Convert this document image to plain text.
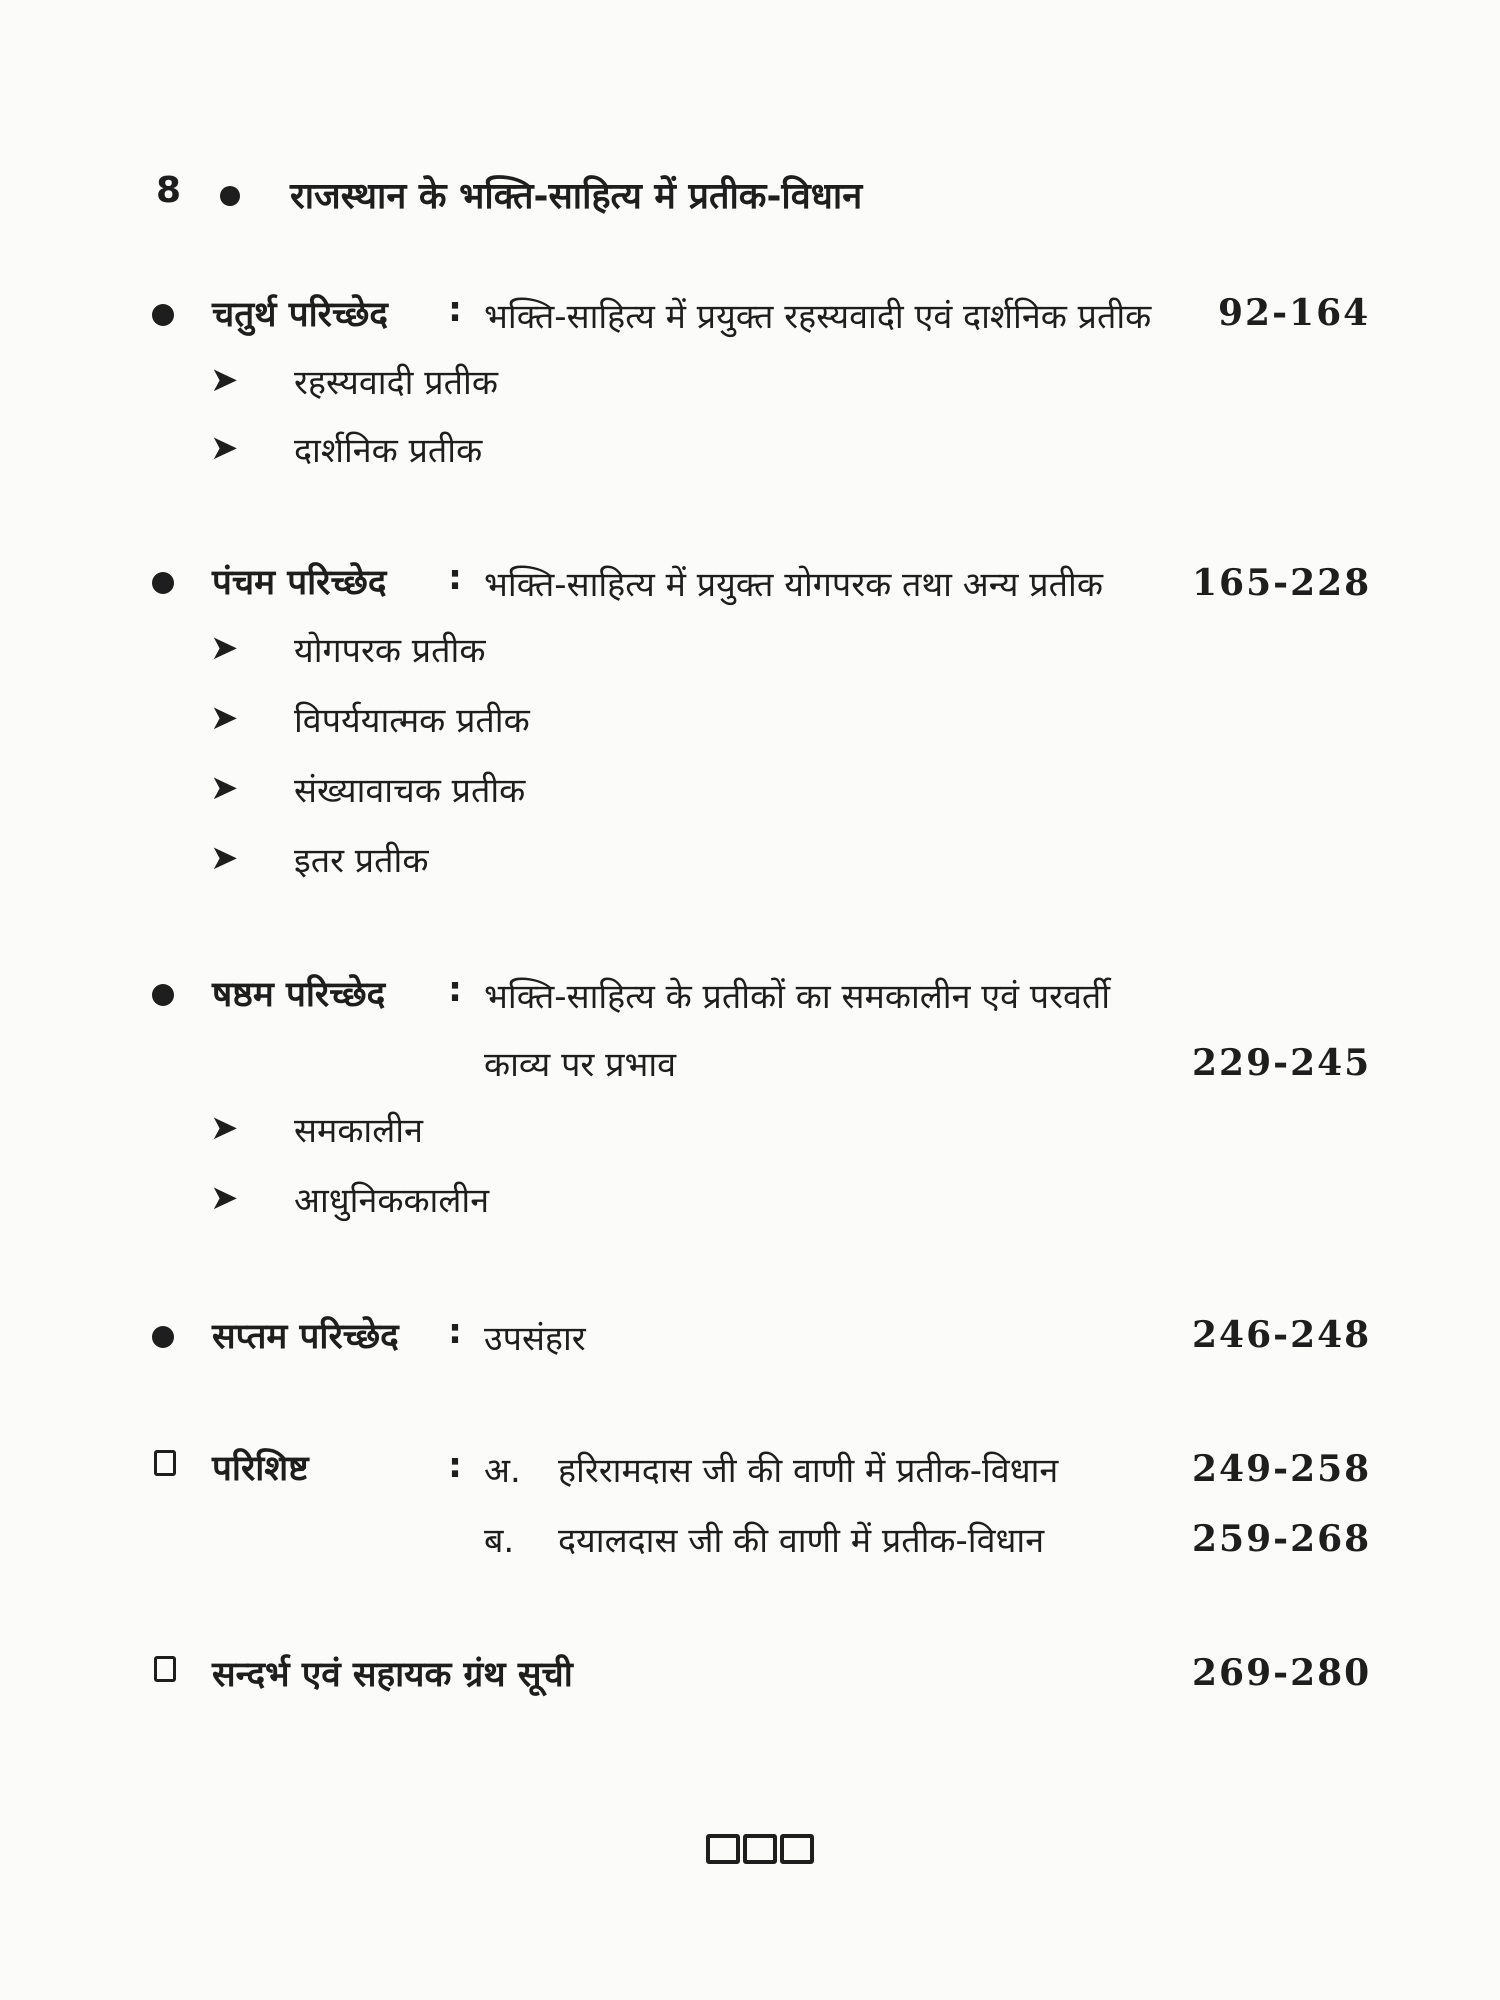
8	राजस्थान के भक्ति-साहित्य में प्रतीक-विधान
चतुर्थ परिच्छेद : भक्ति-साहित्य में प्रयुक्त रहस्यवादी एवं दार्शनिक प्रतीक 92-164
➤ रहस्यवादी प्रतीक
➤ दार्शनिक प्रतीक
पंचम परिच्छेद : भक्ति-साहित्य में प्रयुक्त योगपरक तथा अन्य प्रतीक 165-228
➤ योगपरक प्रतीक
➤ विपर्ययात्मक प्रतीक
➤ संख्यावाचक प्रतीक
➤ इतर प्रतीक
षष्ठम परिच्छेद : भक्ति-साहित्य के प्रतीकों का समकालीन एवं परवर्ती
काव्य पर प्रभाव	229-245
➤ समकालीन
➤ आधुनिककालीन
सप्तम परिच्छेद : उपसंहार	246-248
परिशिष्ट	: अ. हरिरामदास जी की वाणी में प्रतीक-विधान	249-258
ब. दयालदास जी की वाणी में प्रतीक-विधान	259-268
सन्दर्भ एवं सहायक ग्रंथ सूची	269-280
